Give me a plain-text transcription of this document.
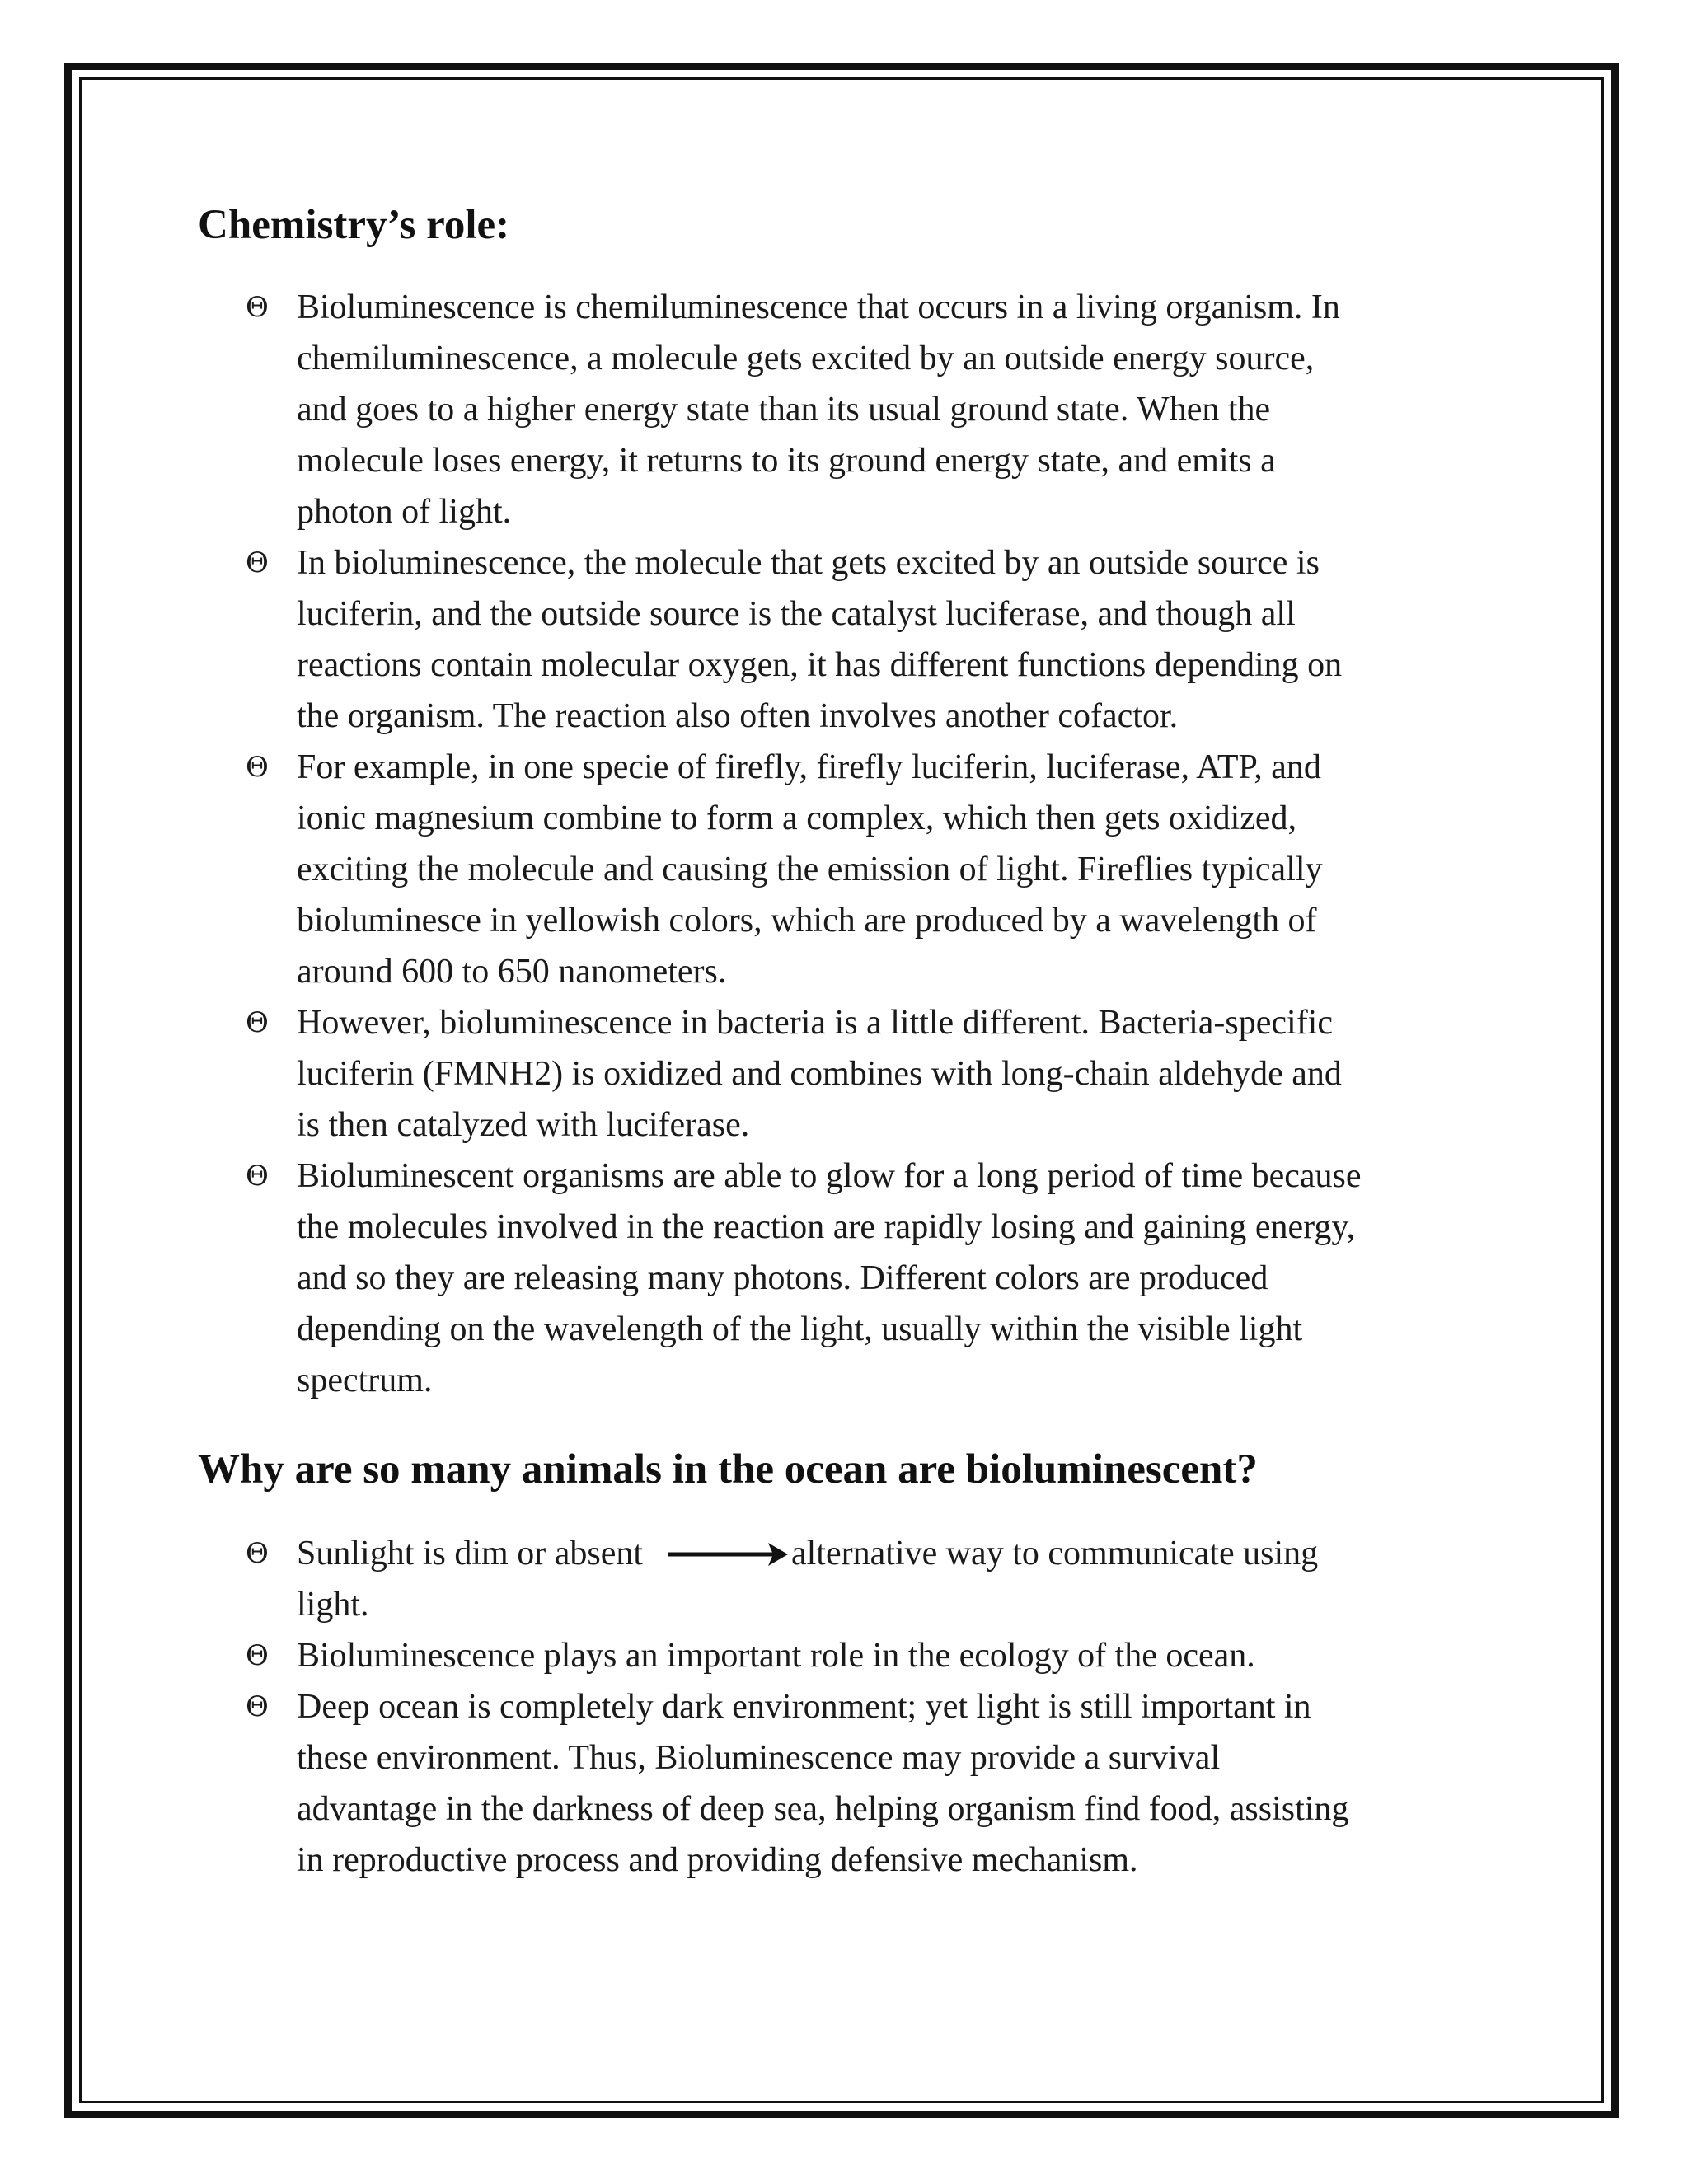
Chemistry’s role:
Θ Bioluminescence is chemiluminescence that occurs in a living organism. In
chemiluminescence, a molecule gets excited by an outside energy source,
and goes to a higher energy state than its usual ground state. When the
molecule loses energy, it returns to its ground energy state, and emits a
photon of light.
Θ In bioluminescence, the molecule that gets excited by an outside source is
luciferin, and the outside source is the catalyst luciferase, and though all
reactions contain molecular oxygen, it has different functions depending on
the organism. The reaction also often involves another cofactor.
Θ For example, in one specie of firefly, firefly luciferin, luciferase, ATP, and
ionic magnesium combine to form a complex, which then gets oxidized,
exciting the molecule and causing the emission of light. Fireflies typically
bioluminesce in yellowish colors, which are produced by a wavelength of
around 600 to 650 nanometers.
Θ However, bioluminescence in bacteria is a little different. Bacteria-specific
luciferin (FMNH2) is oxidized and combines with long-chain aldehyde and
is then catalyzed with luciferase.
Θ Bioluminescent organisms are able to glow for a long period of time because
the molecules involved in the reaction are rapidly losing and gaining energy,
and so they are releasing many photons. Different colors are produced
depending on the wavelength of the light, usually within the visible light
spectrum.
Why are so many animals in the ocean are bioluminescent?
Θ Sunlight is dim or absent	alternative way to communicate using
light.
Θ Bioluminescence plays an important role in the ecology of the ocean.
Θ Deep ocean is completely dark environment; yet light is still important in
these environment. Thus, Bioluminescence may provide a survival
advantage in the darkness of deep sea, helping organism find food, assisting
in reproductive process and providing defensive mechanism.
